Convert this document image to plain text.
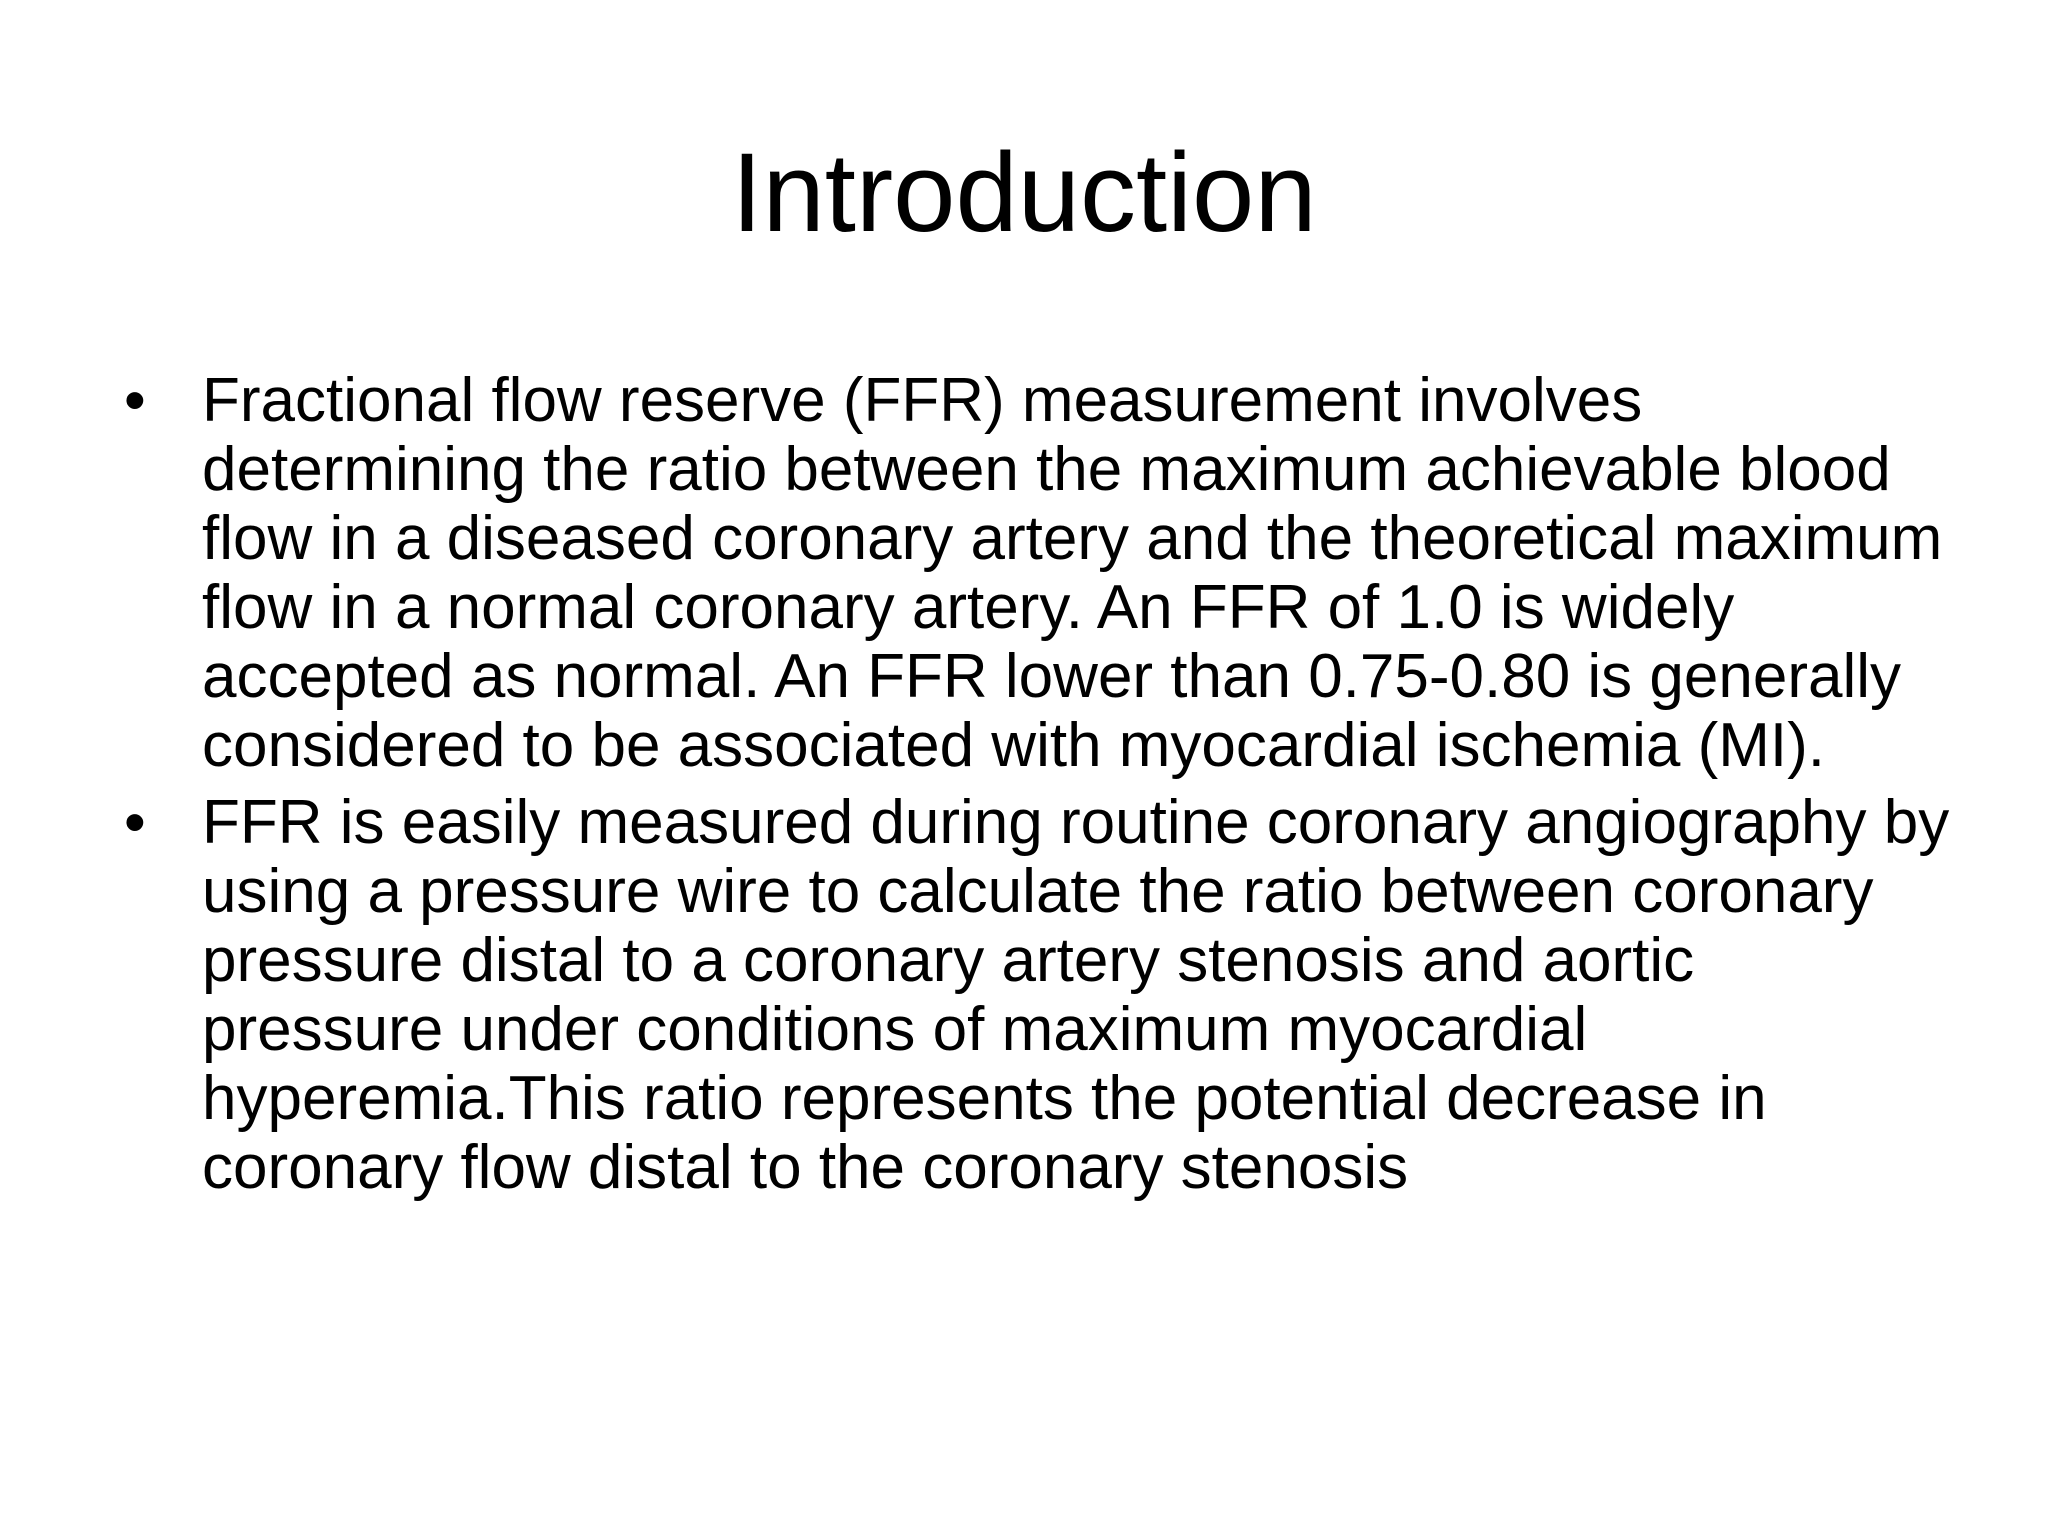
Introduction
• Fractional flow reserve (FFR) measurement involves determining the ratio between the maximum achievable blood flow in a diseased coronary artery and the theoretical maximum flow in a normal coronary artery. An FFR of 1.0 is widely accepted as normal. An FFR lower than 0.75-0.80 is generally considered to be associated with myocardial ischemia (MI).
• FFR is easily measured during routine coronary angiography by using a pressure wire to calculate the ratio between coronary pressure distal to a coronary artery stenosis and aortic pressure under conditions of maximum myocardial hyperemia.This ratio represents the potential decrease in coronary flow distal to the coronary stenosis
